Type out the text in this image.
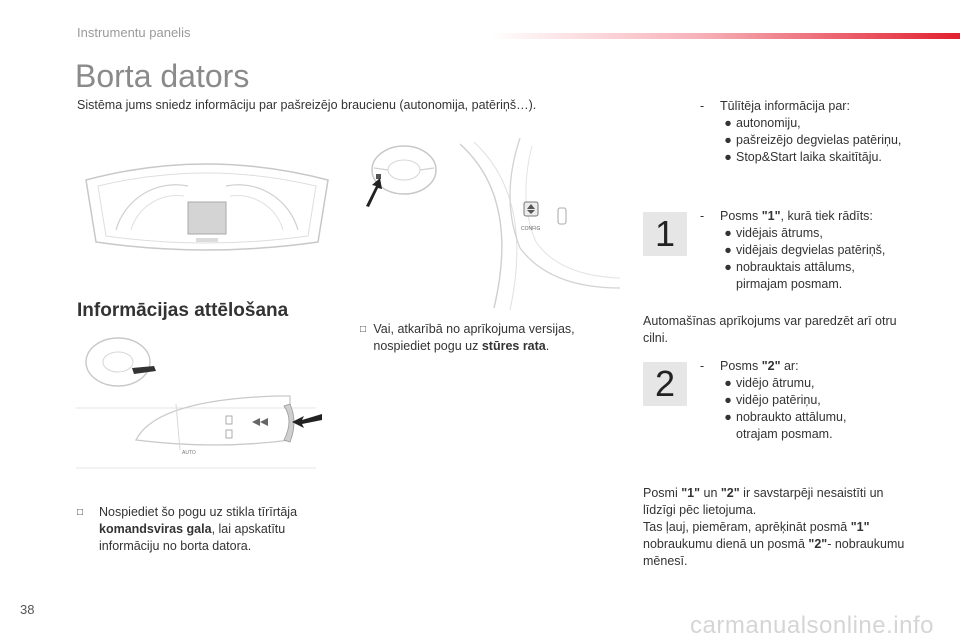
Instrumentu panelis
Borta dators
Sistēma jums sniedz informāciju par pašreizējo braucienu (autonomija, patēriņš…).
CONFIG
AUTO
Informācijas attēlošana
□ Nospiediet šo pogu uz stikla tīrīrtāja
komandsviras gala, lai apskatītu informāciju no borta datora.
□ Vai, atkarībā no aprīkojuma versijas, nospiediet pogu uz stūres rata.
- Tūlītēja informācija par:
● autonomiju,
● pašreizējo degvielas patēriņu,
● Stop&Start laika skaitītāju.
1	- Posms "1", kurā tiek rādīts:
● vidējais ātrums,
● vidējais degvielas patēriņš,
● nobrauktais attālums,
pirmajam posmam.
Automašīnas aprīkojums var paredzēt arī otru cilni.
2	- Posms "2" ar:
● vidējo ātrumu,
● vidējo patēriņu,
● nobraukto attālumu,
otrajam posmam.
Posmi "1" un "2" ir savstarpēji nesaistīti un līdzīgi pēc lietojuma.
Tas ļauj, piemēram, aprēķināt posmā "1" nobraukumu dienā un posmā "2"- nobraukumu mēnesī.
38
carmanualsonline.info
